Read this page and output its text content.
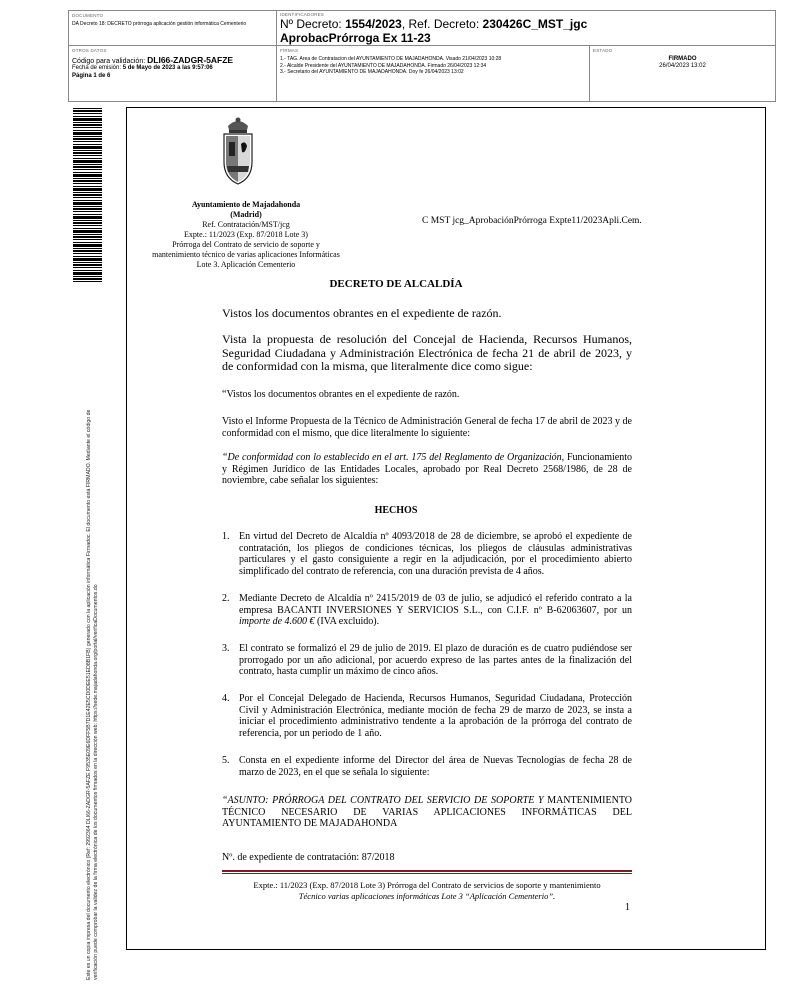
DOCUMENTO
DA Decreto 18: DECRETO prórroga aplicación gestión informática Cementerio
IDENTIFICADORES
Nº Decreto: 1554/2023, Ref. Decreto: 230426C_MST_jgc
AprobacPrórroga Ex 11-23
OTROS DATOS
Código para validación: DLI66-ZADGR-5AFZE
Fecha de emisión: 5 de Mayo de 2023 a las 9:57:06
Página 1 de 6
FIRMAS
1.- TAG. Area de Contratacion del AYUNTAMIENTO DE MAJADAHONDA. Visado 21/04/2023 10:28
2.- Alcalde Presidente del AYUNTAMIENTO DE MAJADAHONDA. Firmado 26/04/2023 12:34
3.- Secretario del AYUNTAMIENTO DE MAJADAHONDA. Doy fe 26/04/2023 13:02
ESTADO
FIRMADO
26/04/2023 13:02
Este es un copia impresa del documento electrónico (Ref: 2992364 DLI66-ZADGR-5AFZE F9535E09E6DFF5B7D1E42E5CD0DEE51ED8B1FB) generado con la aplicación informática Firmadoc. El documento está FIRMADO. Mediante el código de verificación puede comprobar la validez de la firma electrónica de los documentos firmados en la dirección web: https://sede.majadahonda.org/portal/verificaDocumentos.do
Ayuntamiento de Majadahonda
(Madrid)
Ref. Contratación/MST/jcg
Expte.: 11/2023 (Exp. 87/2018 Lote 3)
Prórroga del Contrato de servicio de soporte y mantenimiento técnico de varias aplicaciones Informáticas Lote 3. Aplicación Cementerio
C MST jcg_AprobaciónPrórroga Expte11/2023Apli.Cem.
DECRETO DE ALCALDÍA
Vistos los documentos obrantes en el expediente de razón.
Vista la propuesta de resolución del Concejal de Hacienda, Recursos Humanos, Seguridad Ciudadana y Administración Electrónica de fecha 21 de abril de 2023, y de conformidad con la misma, que literalmente dice como sigue:
“Vistos los documentos obrantes en el expediente de razón.
Visto el Informe Propuesta de la Técnico de Administración General de fecha 17 de abril de 2023 y de conformidad con el mismo, que dice literalmente lo siguiente:
“De conformidad con lo establecido en el art. 175 del Reglamento de Organización, Funcionamiento y Régimen Jurídico de las Entidades Locales, aprobado por Real Decreto 2568/1986, de 28 de noviembre, cabe señalar los siguientes:
HECHOS
1. En virtud del Decreto de Alcaldía nº 4093/2018 de 28 de diciembre, se aprobó el expediente de contratación, los pliegos de condiciones técnicas, los pliegos de cláusulas administrativas particulares y el gasto consiguiente a regir en la adjudicación, por el procedimiento abierto simplificado del contrato de referencia, con una duración prevista de 4 años.
2. Mediante Decreto de Alcaldía nº 2415/2019 de 03 de julio, se adjudicó el referido contrato a la empresa BACANTI INVERSIONES Y SERVICIOS S.L., con C.I.F. nº B-62063607, por un importe de 4.600 € (IVA excluido).
3. El contrato se formalizó el 29 de julio de 2019. El plazo de duración es de cuatro pudiéndose ser prorrogado por un año adicional, por acuerdo expreso de las partes antes de la finalización del contrato, hasta cumplir un máximo de cinco años.
4. Por el Concejal Delegado de Hacienda, Recursos Humanos, Seguridad Ciudadana, Protección Civil y Administración Electrónica, mediante moción de fecha 29 de marzo de 2023, se insta a iniciar el procedimiento administrativo tendente a la aprobación de la prórroga del contrato de referencia, por un periodo de 1 año.
5. Consta en el expediente informe del Director del área de Nuevas Tecnologías de fecha 28 de marzo de 2023, en el que se señala lo siguiente:
“ASUNTO: PRÓRROGA DEL CONTRATO DEL SERVICIO DE SOPORTE Y MANTENIMIENTO TÉCNICO NECESARIO DE VARIAS APLICACIONES INFORMÁTICAS DEL AYUNTAMIENTO DE MAJADAHONDA
Nº. de expediente de contratación: 87/2018
Expte.: 11/2023 (Exp. 87/2018 Lote 3) Prórroga del Contrato de servicios de soporte y mantenimiento
Técnico varias aplicaciones informáticas Lote 3 “Aplicación Cementerio”.
1
